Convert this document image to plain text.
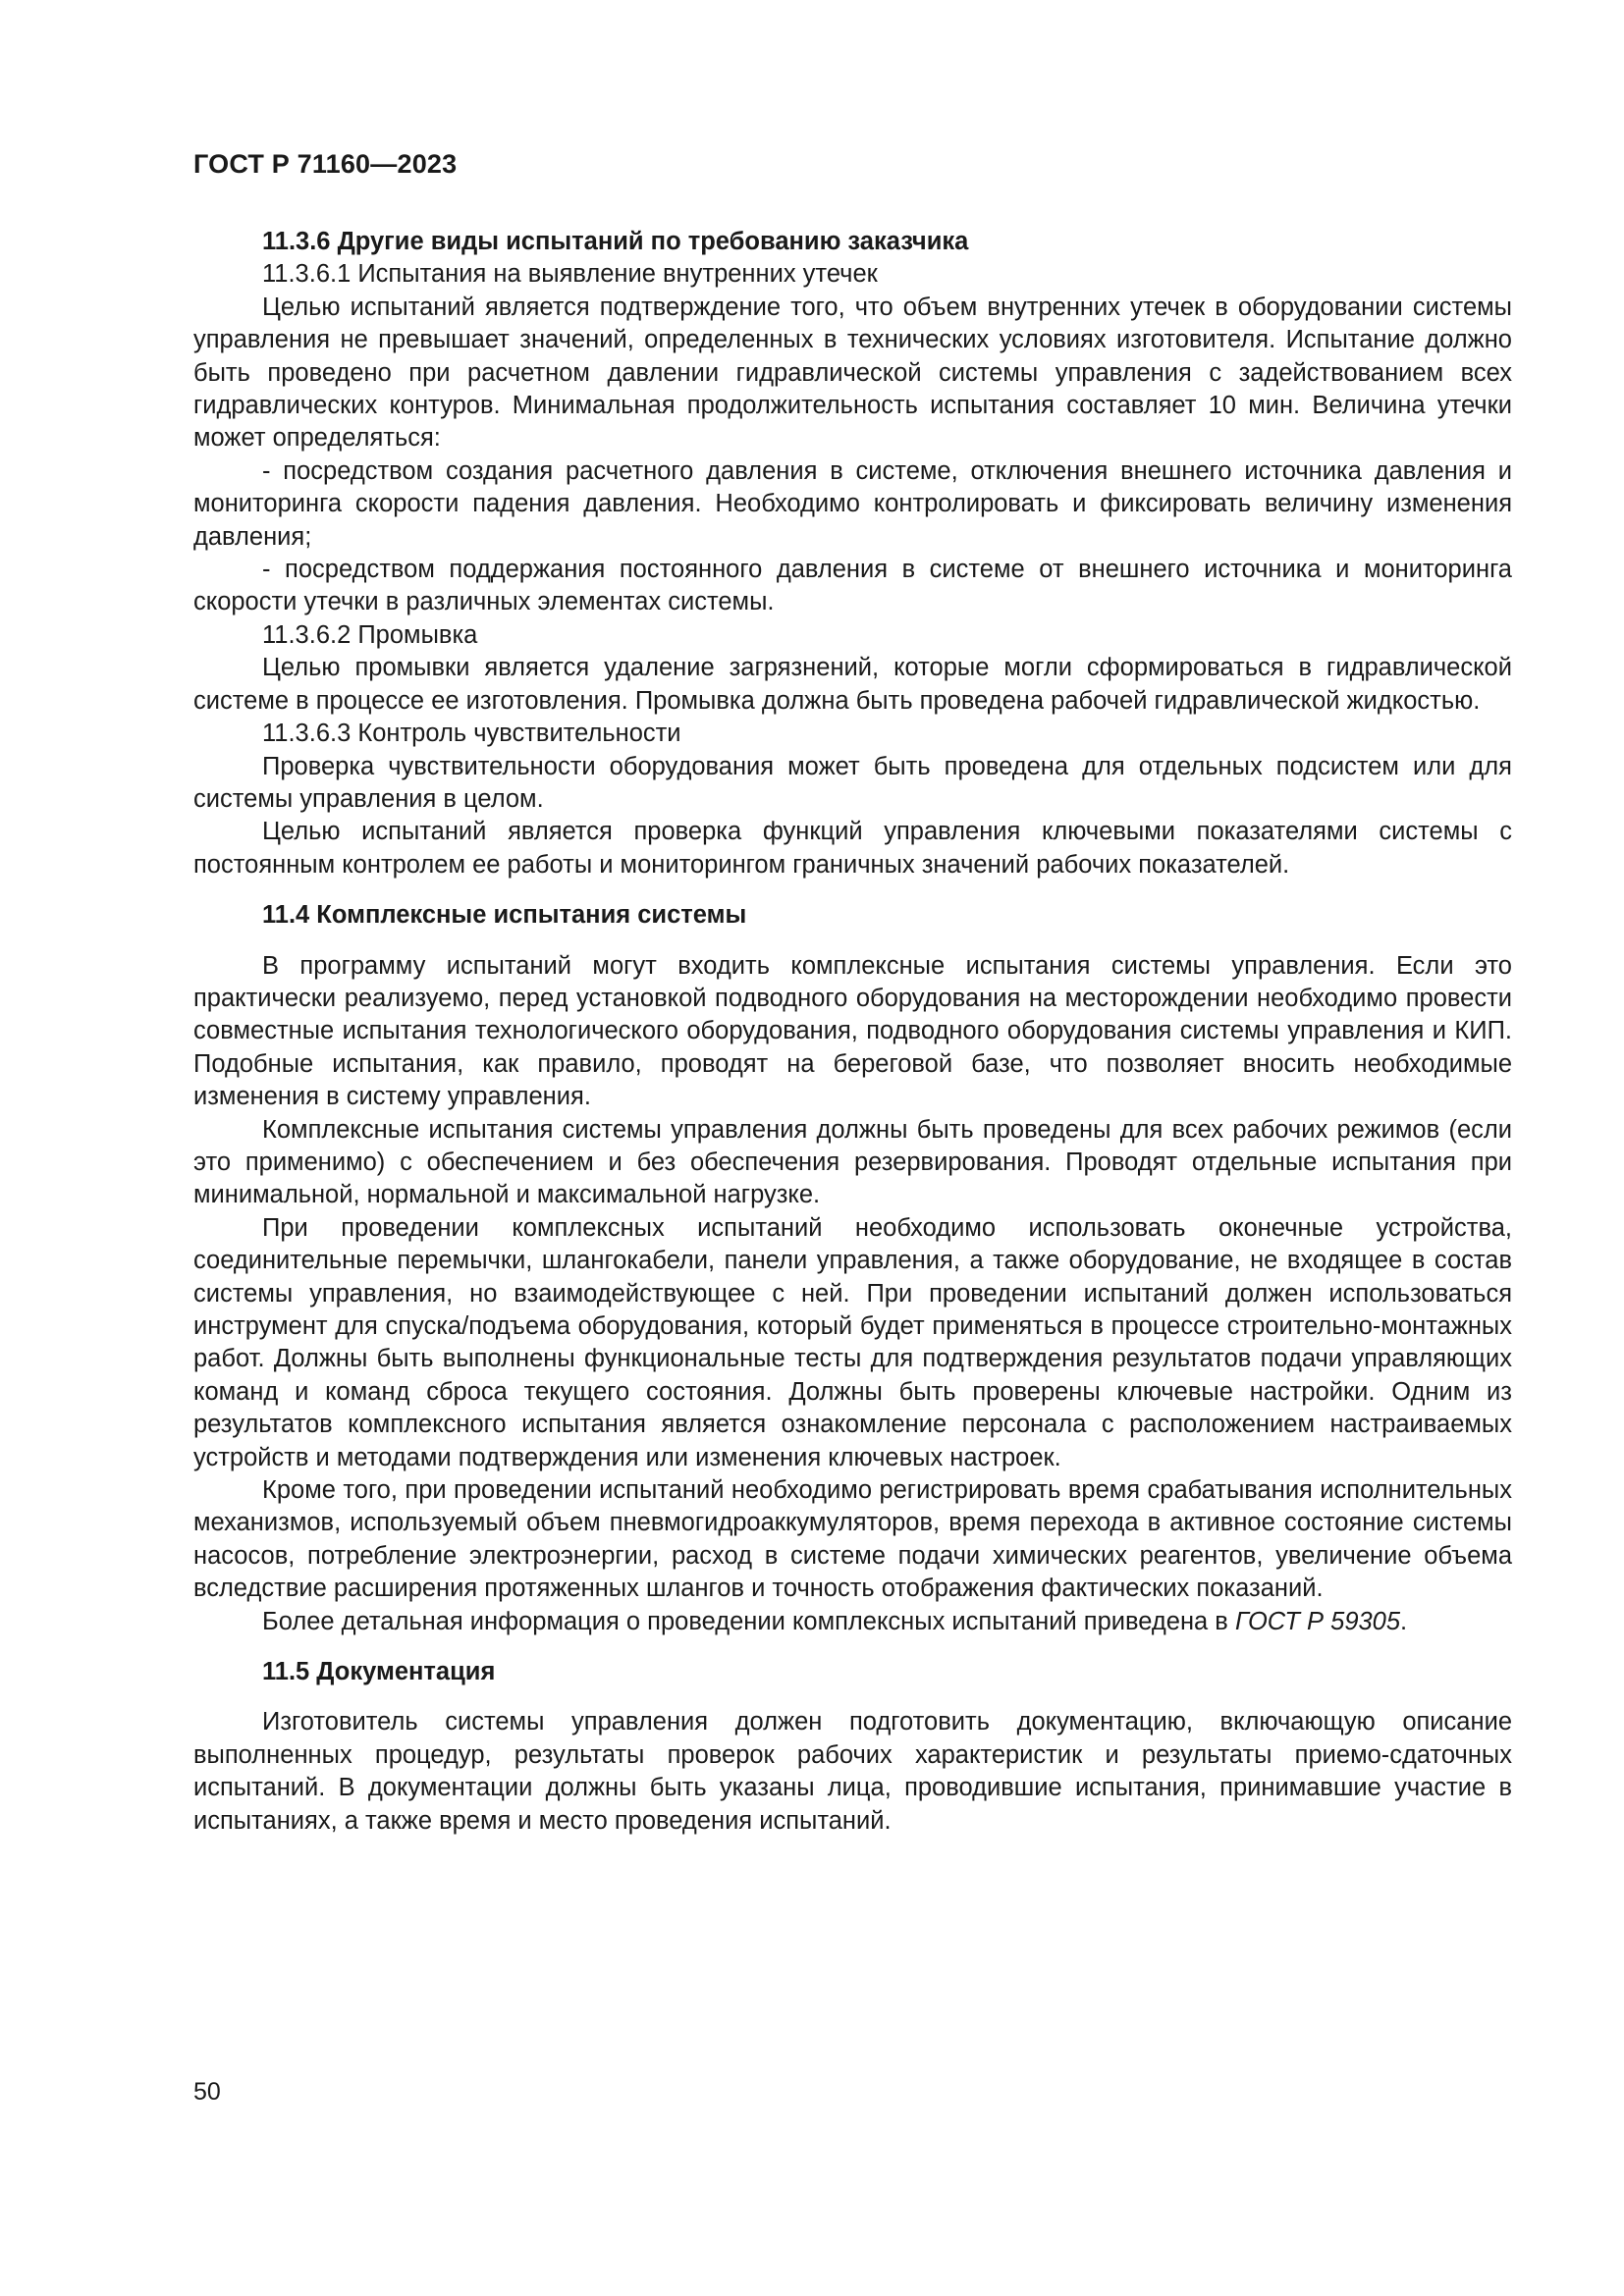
ГОСТ Р 71160—2023

11.3.6 Другие виды испытаний по требованию заказчика

11.3.6.1 Испытания на выявление внутренних утечек

Целью испытаний является подтверждение того, что объем внутренних утечек в оборудовании системы управления не превышает значений, определенных в технических условиях изготовителя. Испытание должно быть проведено при расчетном давлении гидравлической системы управления с задействованием всех гидравлических контуров. Минимальная продолжительность испытания составляет 10 мин. Величина утечки может определяться:

- посредством создания расчетного давления в системе, отключения внешнего источника давления и мониторинга скорости падения давления. Необходимо контролировать и фиксировать величину изменения давления;

- посредством поддержания постоянного давления в системе от внешнего источника и мониторинга скорости утечки в различных элементах системы.

11.3.6.2 Промывка

Целью промывки является удаление загрязнений, которые могли сформироваться в гидравлической системе в процессе ее изготовления. Промывка должна быть проведена рабочей гидравлической жидкостью.

11.3.6.3 Контроль чувствительности

Проверка чувствительности оборудования может быть проведена для отдельных подсистем или для системы управления в целом.

Целью испытаний является проверка функций управления ключевыми показателями системы с постоянным контролем ее работы и мониторингом граничных значений рабочих показателей.

11.4 Комплексные испытания системы

В программу испытаний могут входить комплексные испытания системы управления. Если это практически реализуемо, перед установкой подводного оборудования на месторождении необходимо провести совместные испытания технологического оборудования, подводного оборудования системы управления и КИП. Подобные испытания, как правило, проводят на береговой базе, что позволяет вносить необходимые изменения в систему управления.

Комплексные испытания системы управления должны быть проведены для всех рабочих режимов (если это применимо) с обеспечением и без обеспечения резервирования. Проводят отдельные испытания при минимальной, нормальной и максимальной нагрузке.

При проведении комплексных испытаний необходимо использовать оконечные устройства, соединительные перемычки, шлангокабели, панели управления, а также оборудование, не входящее в состав системы управления, но взаимодействующее с ней. При проведении испытаний должен использоваться инструмент для спуска/подъема оборудования, который будет применяться в процессе строительно-монтажных работ. Должны быть выполнены функциональные тесты для подтверждения результатов подачи управляющих команд и команд сброса текущего состояния. Должны быть проверены ключевые настройки. Одним из результатов комплексного испытания является ознакомление персонала с расположением настраиваемых устройств и методами подтверждения или изменения ключевых настроек.

Кроме того, при проведении испытаний необходимо регистрировать время срабатывания исполнительных механизмов, используемый объем пневмогидроаккумуляторов, время перехода в активное состояние системы насосов, потребление электроэнергии, расход в системе подачи химических реагентов, увеличение объема вследствие расширения протяженных шлангов и точность отображения фактических показаний.

Более детальная информация о проведении комплексных испытаний приведена в ГОСТ Р 59305.

11.5 Документация

Изготовитель системы управления должен подготовить документацию, включающую описание выполненных процедур, результаты проверок рабочих характеристик и результаты приемо-сдаточных испытаний. В документации должны быть указаны лица, проводившие испытания, принимавшие участие в испытаниях, а также время и место проведения испытаний.

50
